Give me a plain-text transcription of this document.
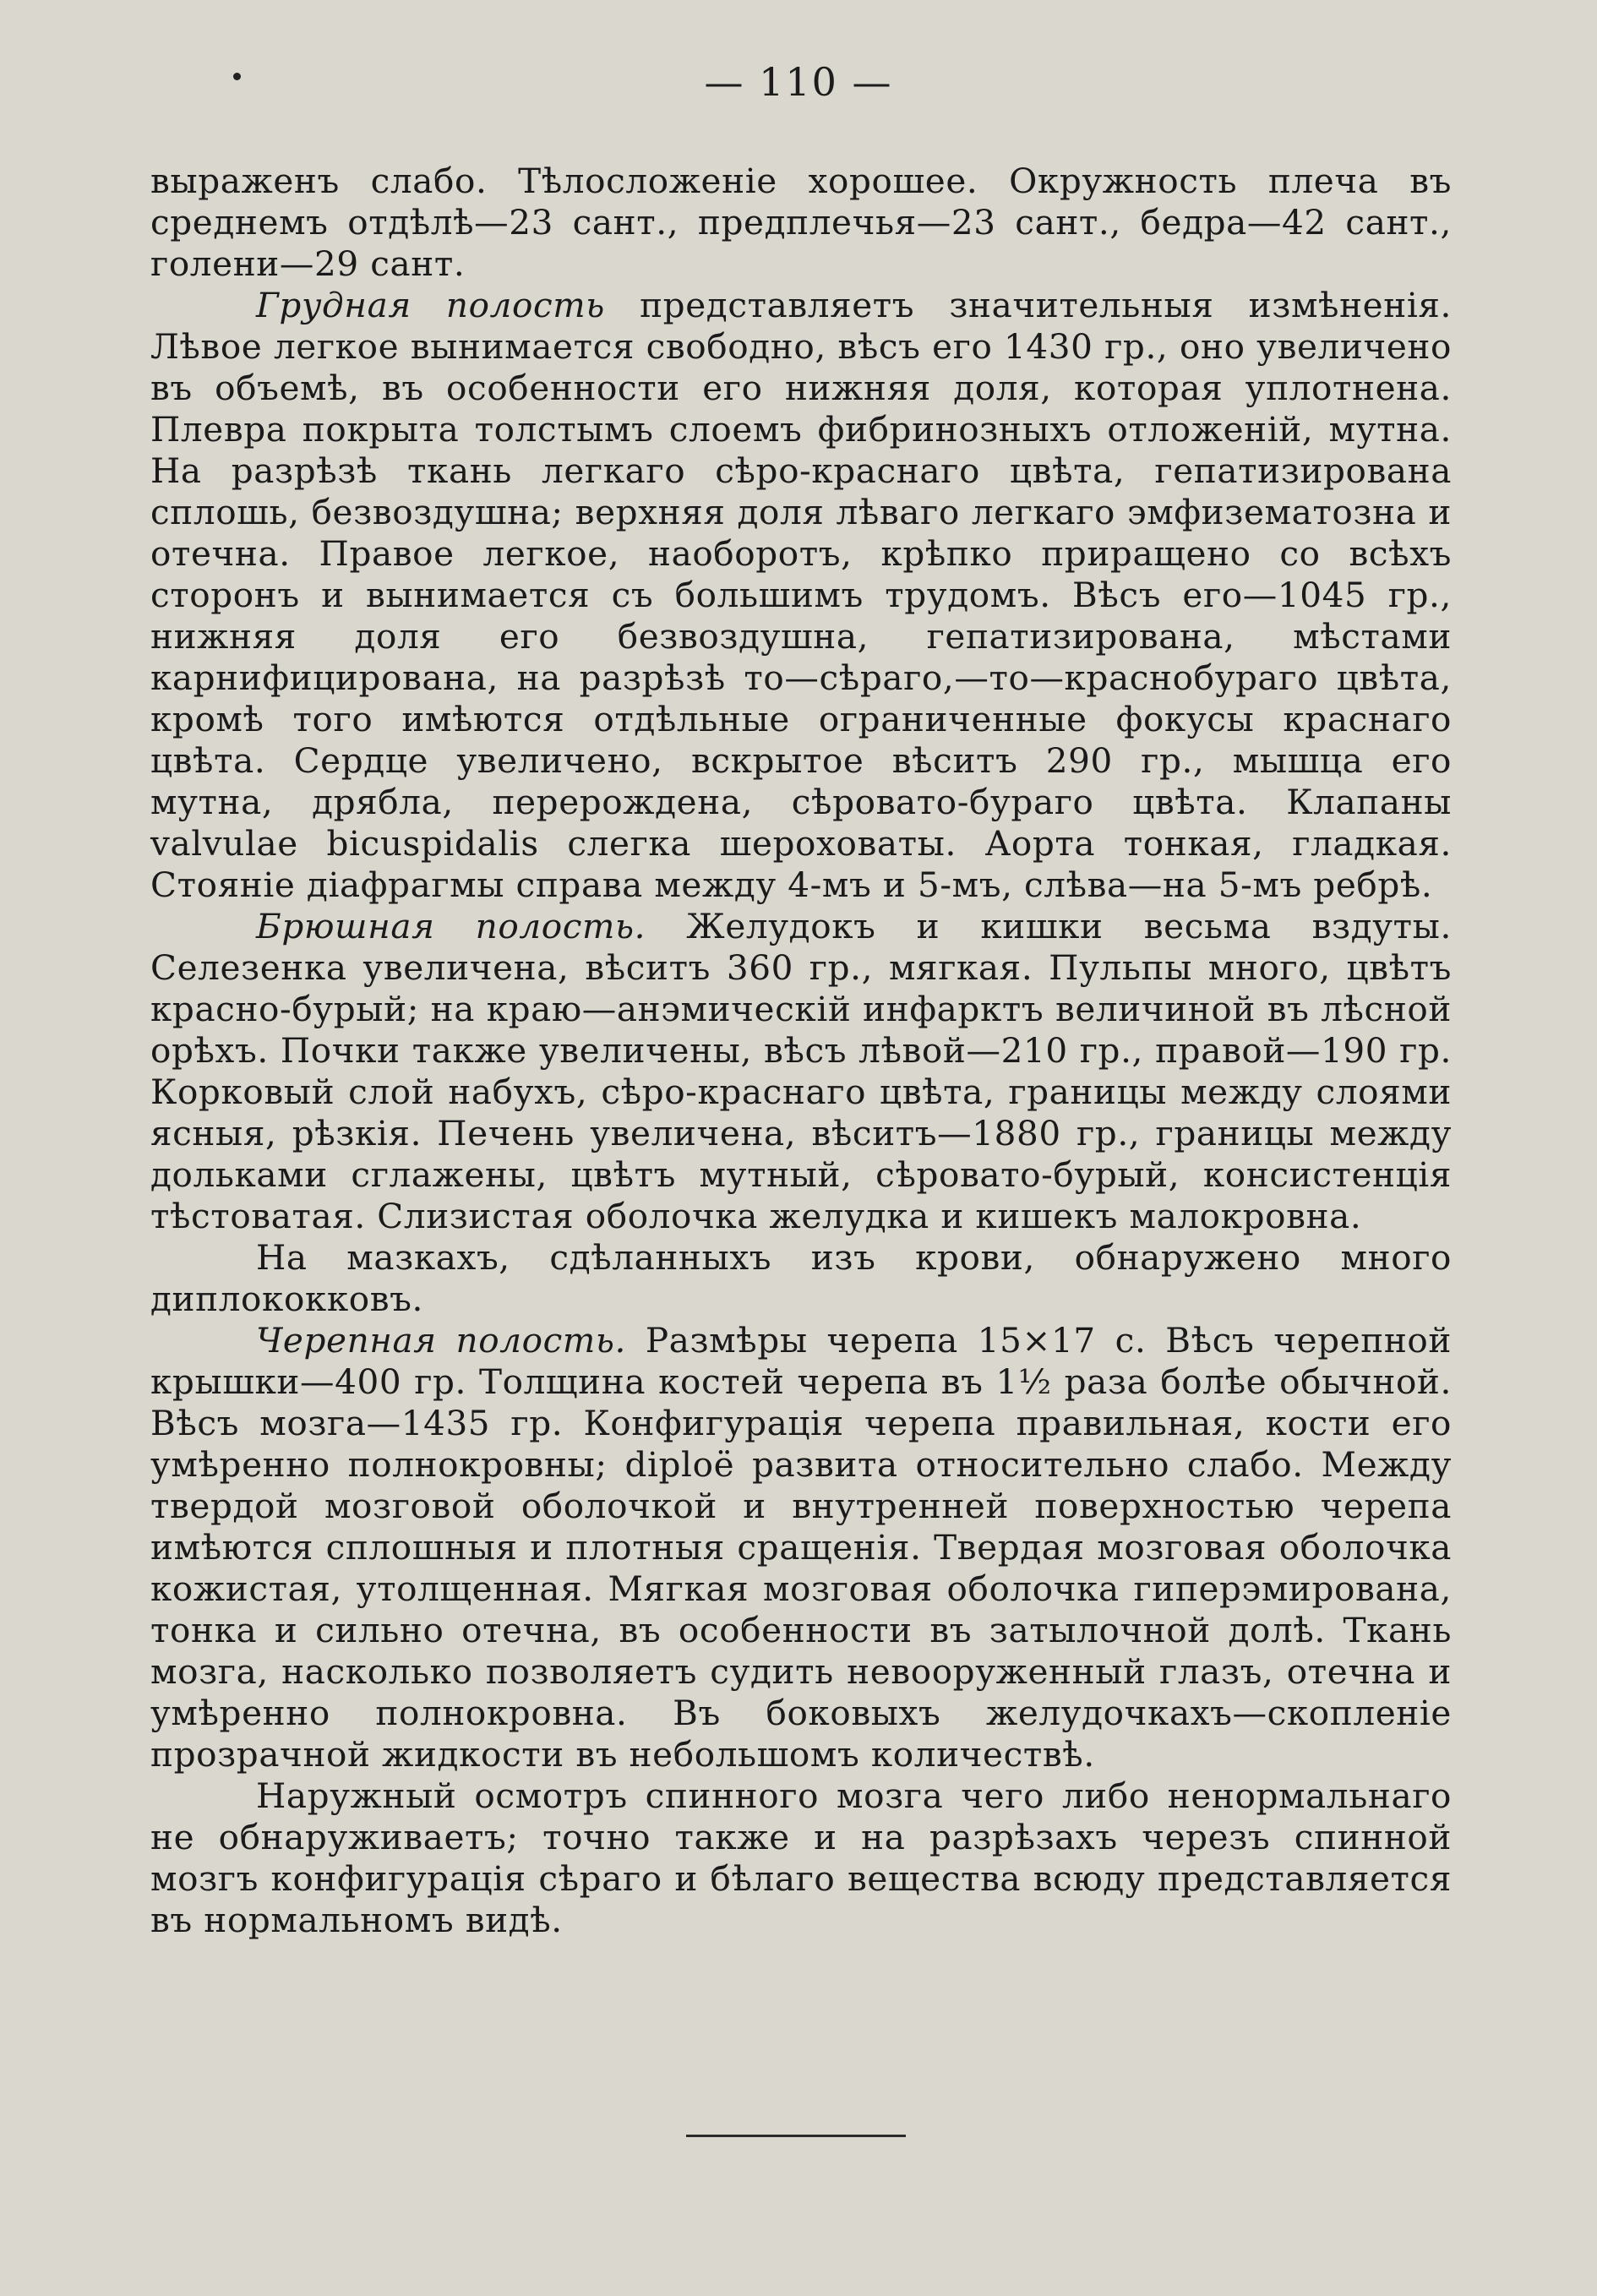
— 110 —

выраженъ слабо. Тѣлосложеніе хорошее. Окружность плеча въ среднемъ отдѣлѣ—23 сант., предплечья—23 сант., бедра—42 сант., голени—29 сант.

Грудная полость представляетъ значительныя измѣненія. Лѣвое легкое вынимается свободно, вѣсъ его 1430 гр., оно увеличено въ объемѣ, въ особенности его нижняя доля, которая уплотнена. Плевра покрыта толстымъ слоемъ фибринозныхъ отложеній, мутна. На разрѣзѣ ткань легкаго сѣро-краснаго цвѣта, гепатизирована сплошь, безвоздушна; верхняя доля лѣваго легкаго эмфизематозна и отечна. Правое легкое, наоборотъ, крѣпко приращено со всѣхъ сторонъ и вынимается съ большимъ трудомъ. Вѣсъ его—1045 гр., нижняя доля его безвоздушна, гепатизирована, мѣстами карнифицирована, на разрѣзѣ то—сѣраго,—то—краснобураго цвѣта, кромѣ того имѣются отдѣльные ограниченные фокусы краснаго цвѣта. Сердце увеличено, вскрытое вѣситъ 290 гр., мышца его мутна, дрябла, перерождена, сѣровато-бураго цвѣта. Клапаны valvulae bicuspidalis слегка шероховаты. Аорта тонкая, гладкая. Стояніе діафрагмы справа между 4-мъ и 5-мъ, слѣва—на 5-мъ ребрѣ.

Брюшная полость. Желудокъ и кишки весьма вздуты. Селезенка увеличена, вѣситъ 360 гр., мягкая. Пульпы много, цвѣтъ красно-бурый; на краю—анэмическій инфарктъ величиной въ лѣсной орѣхъ. Почки также увеличены, вѣсъ лѣвой—210 гр., правой—190 гр. Корковый слой набухъ, сѣро-краснаго цвѣта, границы между слоями ясныя, рѣзкія. Печень увеличена, вѣситъ—1880 гр., границы между дольками сглажены, цвѣтъ мутный, сѣровато-бурый, консистенція тѣстоватая. Слизистая оболочка желудка и кишекъ малокровна.

На мазкахъ, сдѣланныхъ изъ крови, обнаружено много диплококковъ.

Черепная полость. Размѣры черепа 15×17 с. Вѣсъ черепной крышки—400 гр. Толщина костей черепа въ 1½ раза болѣе обычной. Вѣсъ мозга—1435 гр. Конфигурація черепа правильная, кости его умѣренно полнокровны; diploё развита относительно слабо. Между твердой мозговой оболочкой и внутренней поверхностью черепа имѣются сплошныя и плотныя сращенія. Твердая мозговая оболочка кожистая, утолщенная. Мягкая мозговая оболочка гиперэмирована, тонка и сильно отечна, въ особенности въ затылочной долѣ. Ткань мозга, насколько позволяетъ судить невооруженный глазъ, отечна и умѣренно полнокровна. Въ боковыхъ желудочкахъ—скопленіе прозрачной жидкости въ небольшомъ количествѣ.

Наружный осмотръ спинного мозга чего либо ненормальнаго не обнаруживаетъ; точно также и на разрѣзахъ черезъ спинной мозгъ конфигурація сѣраго и бѣлаго вещества всюду представляется въ нормальномъ видѣ.
